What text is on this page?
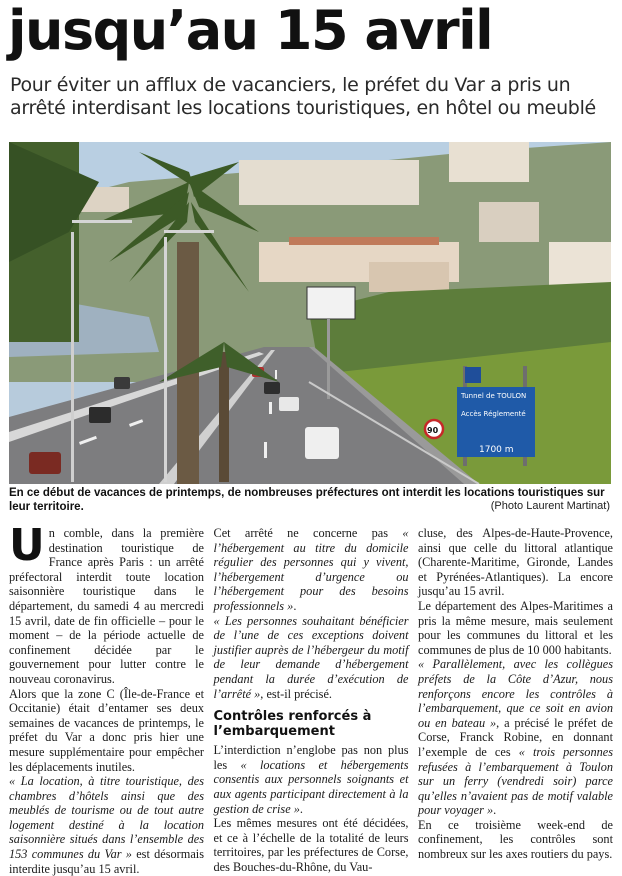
jusqu’au 15 avril
Pour éviter un afflux de vacanciers, le préfet du Var a pris un arrêté interdisant les locations touristiques, en hôtel ou meublé
Tunnel de TOULON
Accès Réglementé
1700 m
90
En ce début de vacances de printemps, de nombreuses préfectures ont interdit les locations touristiques sur leur territoire.	(Photo Laurent Martinat)
U n comble, dans la première destination touristique de France après Paris : un arrêté préfectoral interdit toute location saisonnière touristique dans le département, du samedi 4 au mercredi 15 avril, date de fin officielle – pour le moment – de la période actuelle de confinement décidée par le gouvernement pour lutter contre le nouveau coronavirus.

Alors que la zone C (Île-de-France et Occitanie) était d’entamer ses deux semaines de vacances de printemps, le préfet du Var a donc pris hier une mesure supplémentaire pour empêcher les déplacements inutiles.

« La location, à titre touristique, des chambres d’hôtels ainsi que des meublés de tourisme ou de tout autre logement destiné à la location saisonnière situés dans l’ensemble des 153 communes du Var » est désormais interdite jusqu’au 15 avril.

Cet arrêté ne concerne pas « l’hébergement au titre du domicile régulier des personnes qui y vivent, l’hébergement d’urgence ou l’hébergement pour des besoins professionnels ».

« Les personnes souhaitant bénéficier de l’une de ces exceptions doivent justifier auprès de l’hébergeur du motif de leur demande d’hébergement pendant la durée d’exécution de l’arrêté », est-il précisé.

Contrôles renforcés à l’embarquement

L’interdiction n’englobe pas non plus les « locations et hébergements consentis aux personnels soignants et aux agents participant directement à la gestion de crise ».

Les mêmes mesures ont été décidées, et ce à l’échelle de la totalité de leurs territoires, par les préfectures de Corse, des Bouches-du-Rhône, du Vau-

cluse, des Alpes-de-Haute-Provence, ainsi que celle du littoral atlantique (Charente-Maritime, Gironde, Landes et Pyrénées-Atlantiques). La encore jusqu’au 15 avril.

Le département des Alpes-Maritimes a pris la même mesure, mais seulement pour les communes du littoral et les communes de plus de 10 000 habitants.

« Parallèlement, avec les collègues préfets de la Côte d’Azur, nous renforçons encore les contrôles à l’embarquement, que ce soit en avion ou en bateau », a précisé le préfet de Corse, Franck Robine, en donnant l’exemple de ces « trois personnes refusées à l’embarquement à Toulon sur un ferry (vendredi soir) parce qu’elles n’avaient pas de motif valable pour voyager ».

En ce troisième week-end de confinement, les contrôles sont nombreux sur les axes routiers du pays.
